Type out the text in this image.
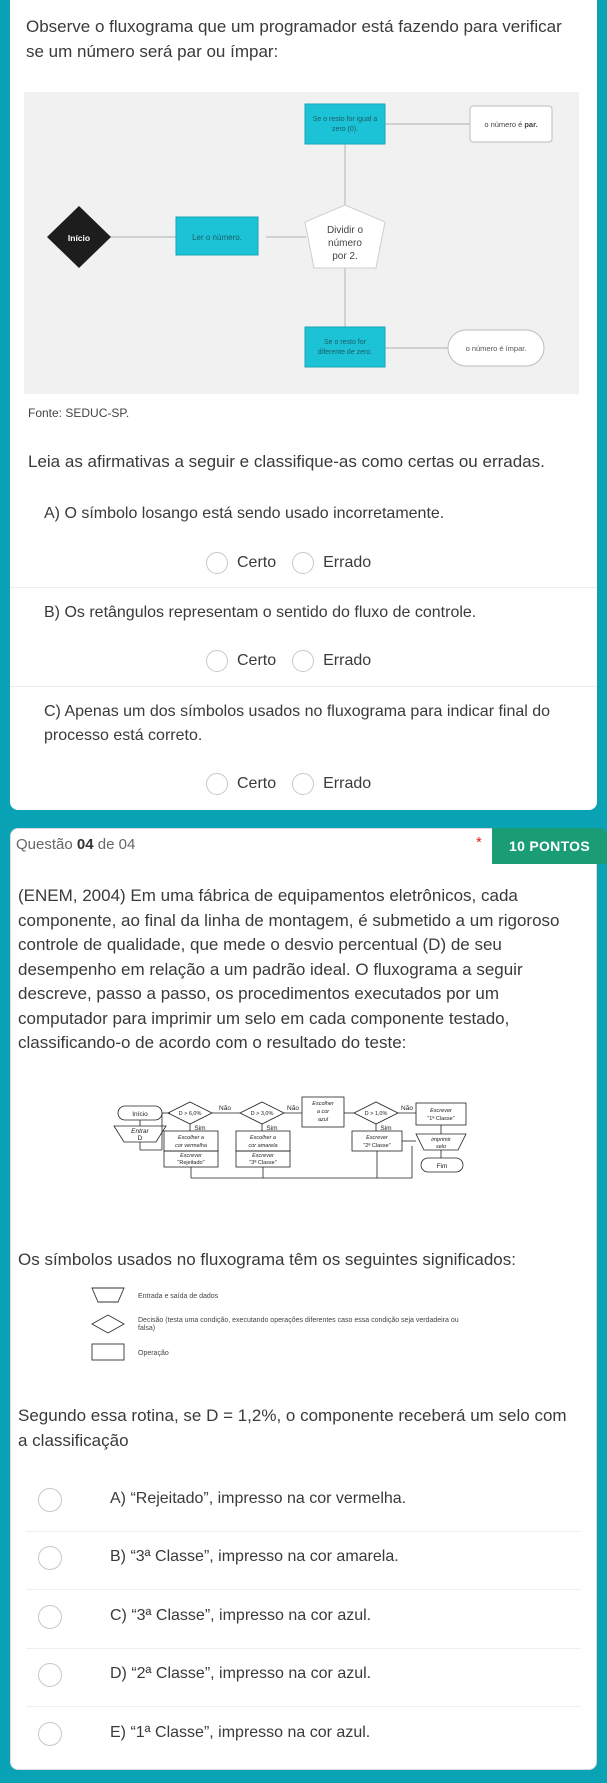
Observe o fluxograma que um programador está fazendo para verificar se um número será par ou ímpar:
Início	Ler o número.
Dividir o
número
por 2.
Se o resto for igual a
zero (0).
o número é par.
Se o resto for
diferente de zero.	o número é ímpar.
Fonte: SEDUC-SP.
Leia as afirmativas a seguir e classifique-as como certas ou erradas.
A) O símbolo losango está sendo usado incorretamente.
Certo	Errado
B) Os retângulos representam o sentido do fluxo de controle.
Certo	Errado
C) Apenas um dos símbolos usados no fluxograma para indicar final do processo está correto.
Certo	Errado
Questão 04 de 04	*	10 PONTOS
(ENEM, 2004) Em uma fábrica de equipamentos eletrônicos, cada componente, ao final da linha de montagem, é submetido a um rigoroso controle de qualidade, que mede o desvio percentual (D) de seu desempenho em relação a um padrão ideal. O fluxograma a seguir descreve, passo a passo, os procedimentos executados por um computador para imprimir um selo em cada componente testado, classificando-o de acordo com o resultado do teste:
Início
Entrar
D
D > 6,0%
Não
D > 3,0%
Não
Escolher
a cor
azul
D > 1,0%
Não	Escrever
"1ª Classe"
Sim	Sim	Sim
Escolher a
cor vermelha
Escrever
"Rejeitado"
Escolher a
cor amarela
Escrever
"3ª Classe"
Escrever
"2ª Classe"
imprimir
selo
Fim
Os símbolos usados no fluxograma têm os seguintes significados:
Entrada e saída de dados
Decisão (testa uma condição, executando operações diferentes caso essa condição seja verdadeira ou
falsa)
Operação
Segundo essa rotina, se D = 1,2%, o componente receberá um selo com a classificação
A) “Rejeitado”, impresso na cor vermelha.
B) “3ª Classe”, impresso na cor amarela.
C) “3ª Classe”, impresso na cor azul.
D) “2ª Classe”, impresso na cor azul.
E) “1ª Classe”, impresso na cor azul.
